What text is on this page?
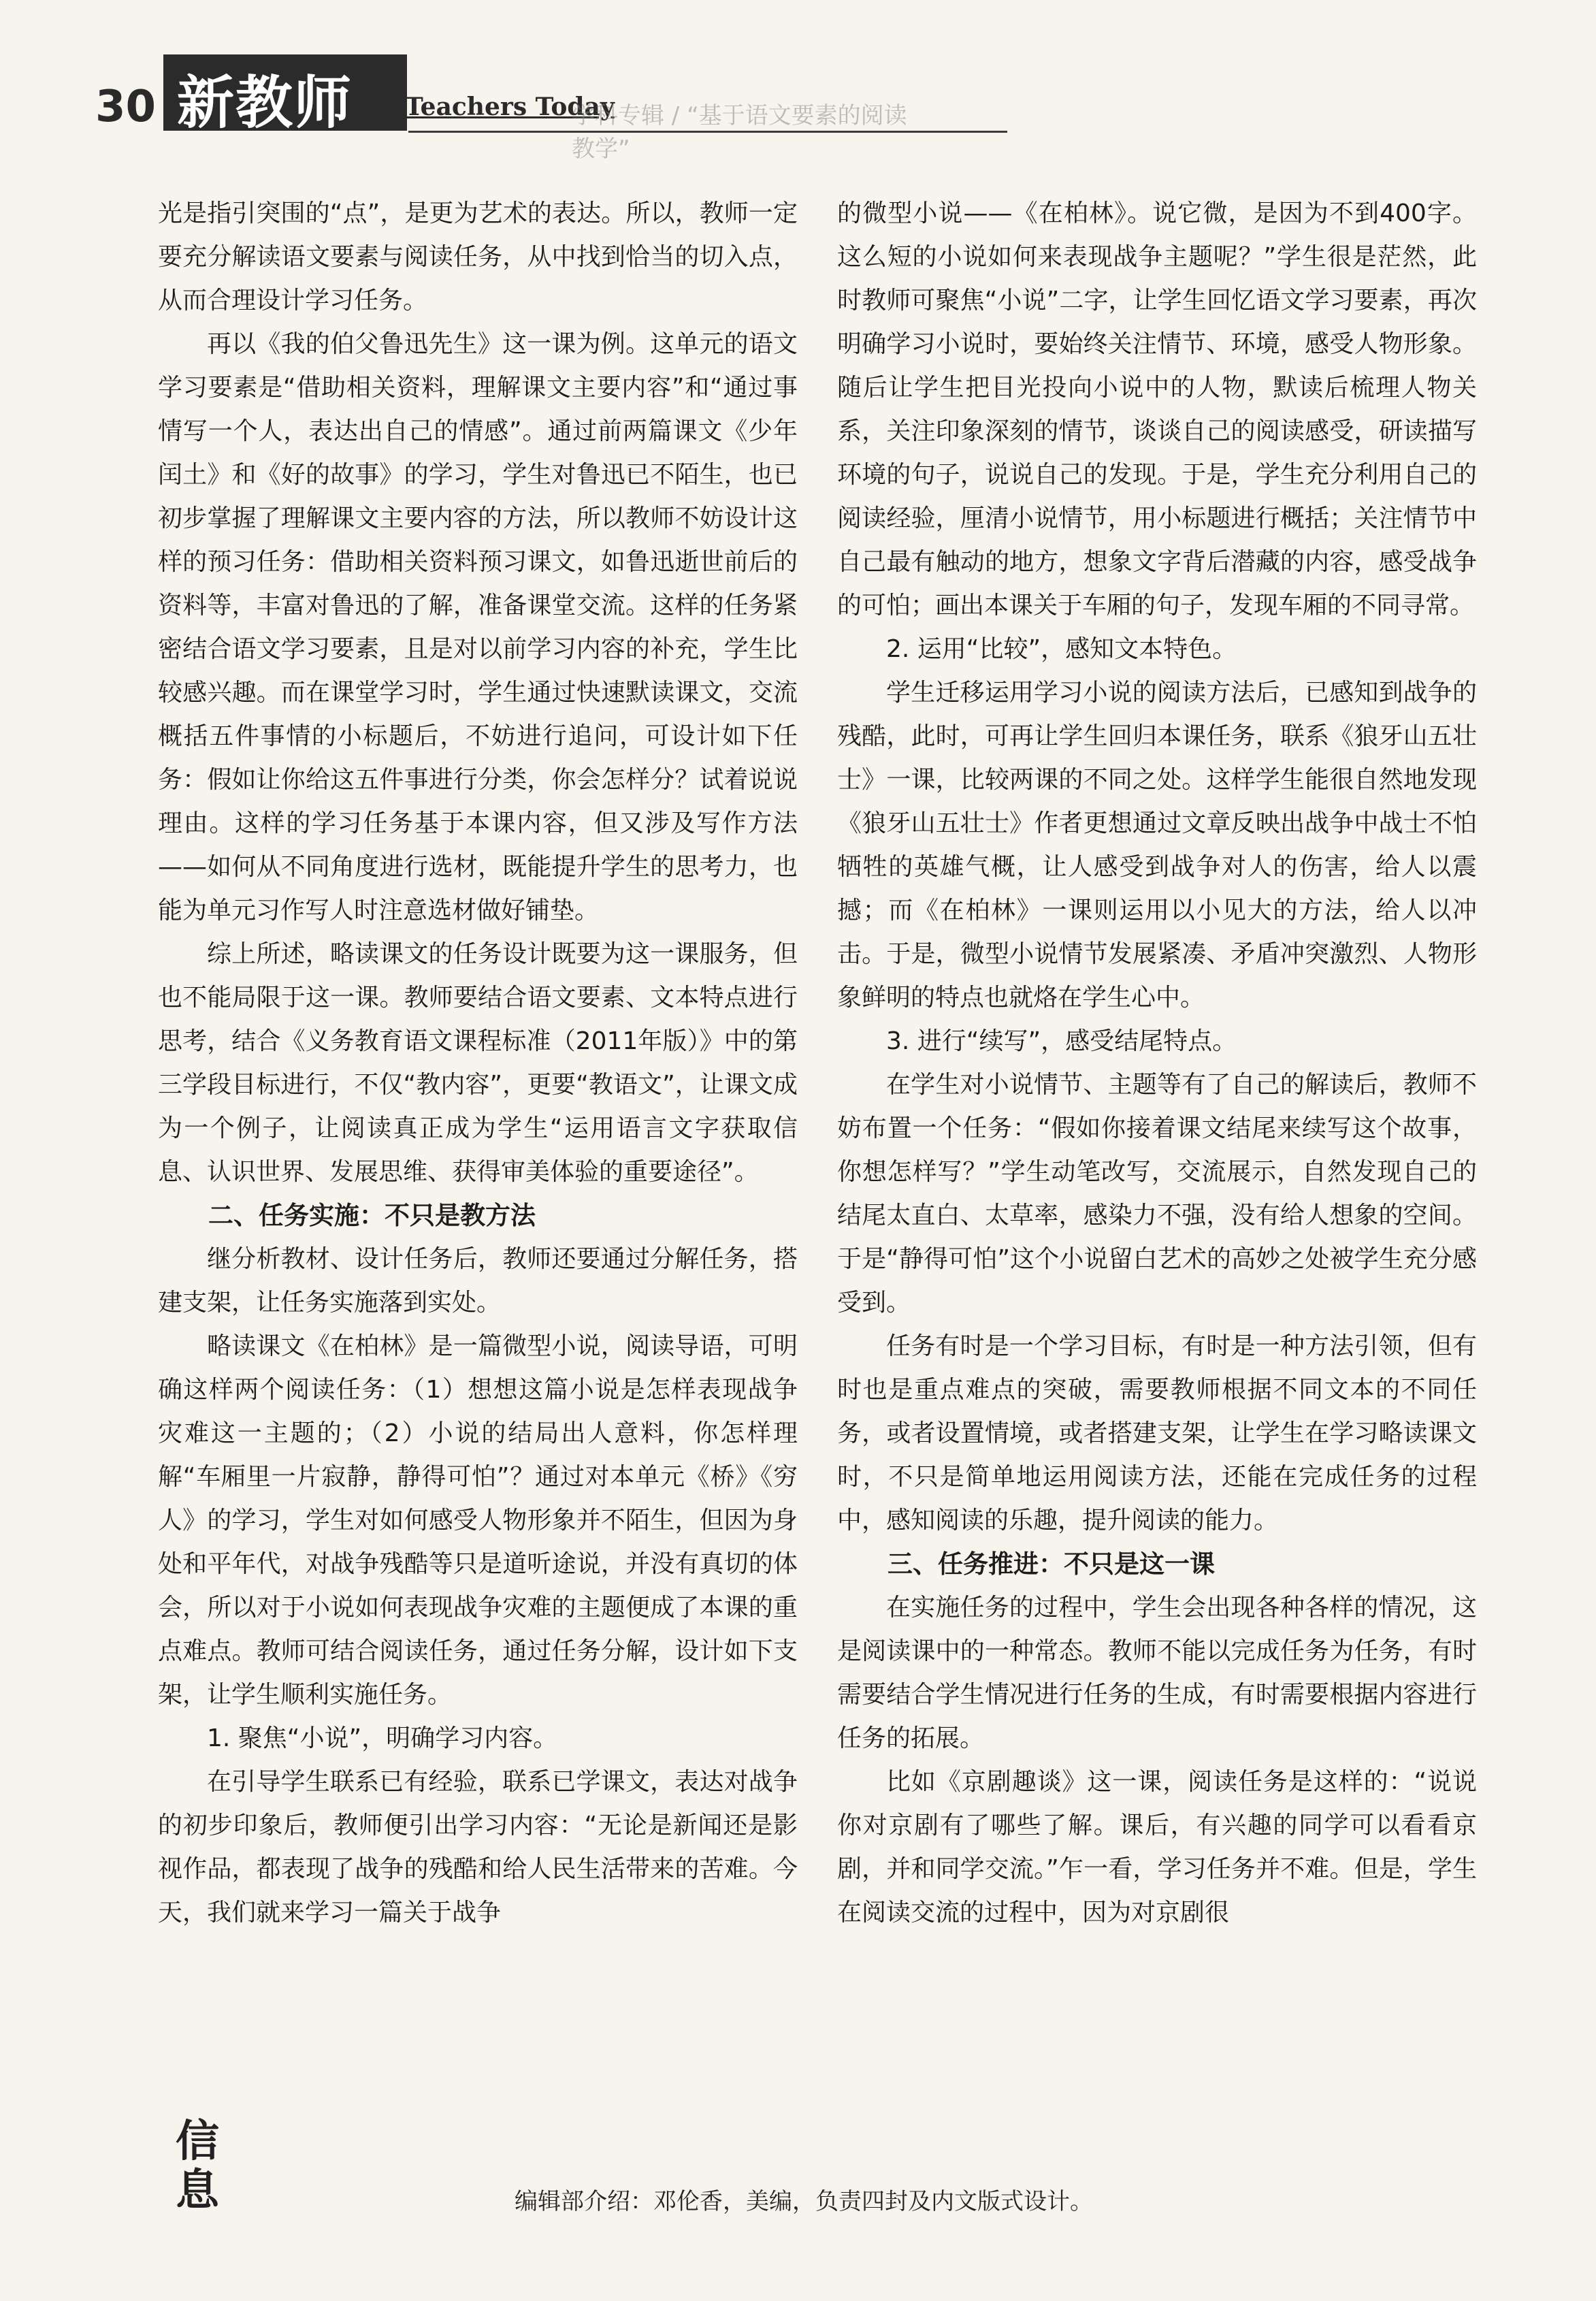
30 新教师 Teachers Today
学科专辑 / “基于语文要素的阅读教学”

光是指引突围的“点”，是更为艺术的表达。所以，教师一定要充分解读语文要素与阅读任务，从中找到恰当的切入点，从而合理设计学习任务。

再以《我的伯父鲁迅先生》这一课为例。这单元的语文学习要素是“借助相关资料，理解课文主要内容”和“通过事情写一个人，表达出自己的情感”。通过前两篇课文《少年闰土》和《好的故事》的学习，学生对鲁迅已不陌生，也已初步掌握了理解课文主要内容的方法，所以教师不妨设计这样的预习任务：借助相关资料预习课文，如鲁迅逝世前后的资料等，丰富对鲁迅的了解，准备课堂交流。这样的任务紧密结合语文学习要素，且是对以前学习内容的补充，学生比较感兴趣。而在课堂学习时，学生通过快速默读课文，交流概括五件事情的小标题后，不妨进行追问，可设计如下任务：假如让你给这五件事进行分类，你会怎样分？试着说说理由。这样的学习任务基于本课内容，但又涉及写作方法——如何从不同角度进行选材，既能提升学生的思考力，也能为单元习作写人时注意选材做好铺垫。

综上所述，略读课文的任务设计既要为这一课服务，但也不能局限于这一课。教师要结合语文要素、文本特点进行思考，结合《义务教育语文课程标准（2011年版）》中的第三学段目标进行，不仅“教内容”，更要“教语文”，让课文成为一个例子，让阅读真正成为学生“运用语言文字获取信息、认识世界、发展思维、获得审美体验的重要途径”。

二、任务实施：不只是教方法

继分析教材、设计任务后，教师还要通过分解任务，搭建支架，让任务实施落到实处。

略读课文《在柏林》是一篇微型小说，阅读导语，可明确这样两个阅读任务：（1）想想这篇小说是怎样表现战争灾难这一主题的；（2）小说的结局出人意料，你怎样理解“车厢里一片寂静，静得可怕”？通过对本单元《桥》《穷人》的学习，学生对如何感受人物形象并不陌生，但因为身处和平年代，对战争残酷等只是道听途说，并没有真切的体会，所以对于小说如何表现战争灾难的主题便成了本课的重点难点。教师可结合阅读任务，通过任务分解，设计如下支架，让学生顺利实施任务。

1. 聚焦“小说”，明确学习内容。

在引导学生联系已有经验，联系已学课文，表达对战争的初步印象后，教师便引出学习内容：“无论是新闻还是影视作品，都表现了战争的残酷和给人民生活带来的苦难。今天，我们就来学习一篇关于战争

的微型小说——《在柏林》。说它微，是因为不到400字。这么短的小说如何来表现战争主题呢？”学生很是茫然，此时教师可聚焦“小说”二字，让学生回忆语文学习要素，再次明确学习小说时，要始终关注情节、环境，感受人物形象。随后让学生把目光投向小说中的人物，默读后梳理人物关系，关注印象深刻的情节，谈谈自己的阅读感受，研读描写环境的句子，说说自己的发现。于是，学生充分利用自己的阅读经验，厘清小说情节，用小标题进行概括；关注情节中自己最有触动的地方，想象文字背后潜藏的内容，感受战争的可怕；画出本课关于车厢的句子，发现车厢的不同寻常。

2. 运用“比较”，感知文本特色。

学生迁移运用学习小说的阅读方法后，已感知到战争的残酷，此时，可再让学生回归本课任务，联系《狼牙山五壮士》一课，比较两课的不同之处。这样学生能很自然地发现《狼牙山五壮士》作者更想通过文章反映出战争中战士不怕牺牲的英雄气概，让人感受到战争对人的伤害，给人以震撼；而《在柏林》一课则运用以小见大的方法，给人以冲击。于是，微型小说情节发展紧凑、矛盾冲突激烈、人物形象鲜明的特点也就烙在学生心中。

3. 进行“续写”，感受结尾特点。

在学生对小说情节、主题等有了自己的解读后，教师不妨布置一个任务：“假如你接着课文结尾来续写这个故事，你想怎样写？”学生动笔改写，交流展示，自然发现自己的结尾太直白、太草率，感染力不强，没有给人想象的空间。于是“静得可怕”这个小说留白艺术的高妙之处被学生充分感受到。

任务有时是一个学习目标，有时是一种方法引领，但有时也是重点难点的突破，需要教师根据不同文本的不同任务，或者设置情境，或者搭建支架，让学生在学习略读课文时，不只是简单地运用阅读方法，还能在完成任务的过程中，感知阅读的乐趣，提升阅读的能力。

三、任务推进：不只是这一课

在实施任务的过程中，学生会出现各种各样的情况，这是阅读课中的一种常态。教师不能以完成任务为任务，有时需要结合学生情况进行任务的生成，有时需要根据内容进行任务的拓展。

比如《京剧趣谈》这一课，阅读任务是这样的：“说说你对京剧有了哪些了解。课后，有兴趣的同学可以看看京剧，并和同学交流。”乍一看，学习任务并不难。但是，学生在阅读交流的过程中，因为对京剧很

信
息	编辑部介绍：邓伦香，美编，负责四封及内文版式设计。
